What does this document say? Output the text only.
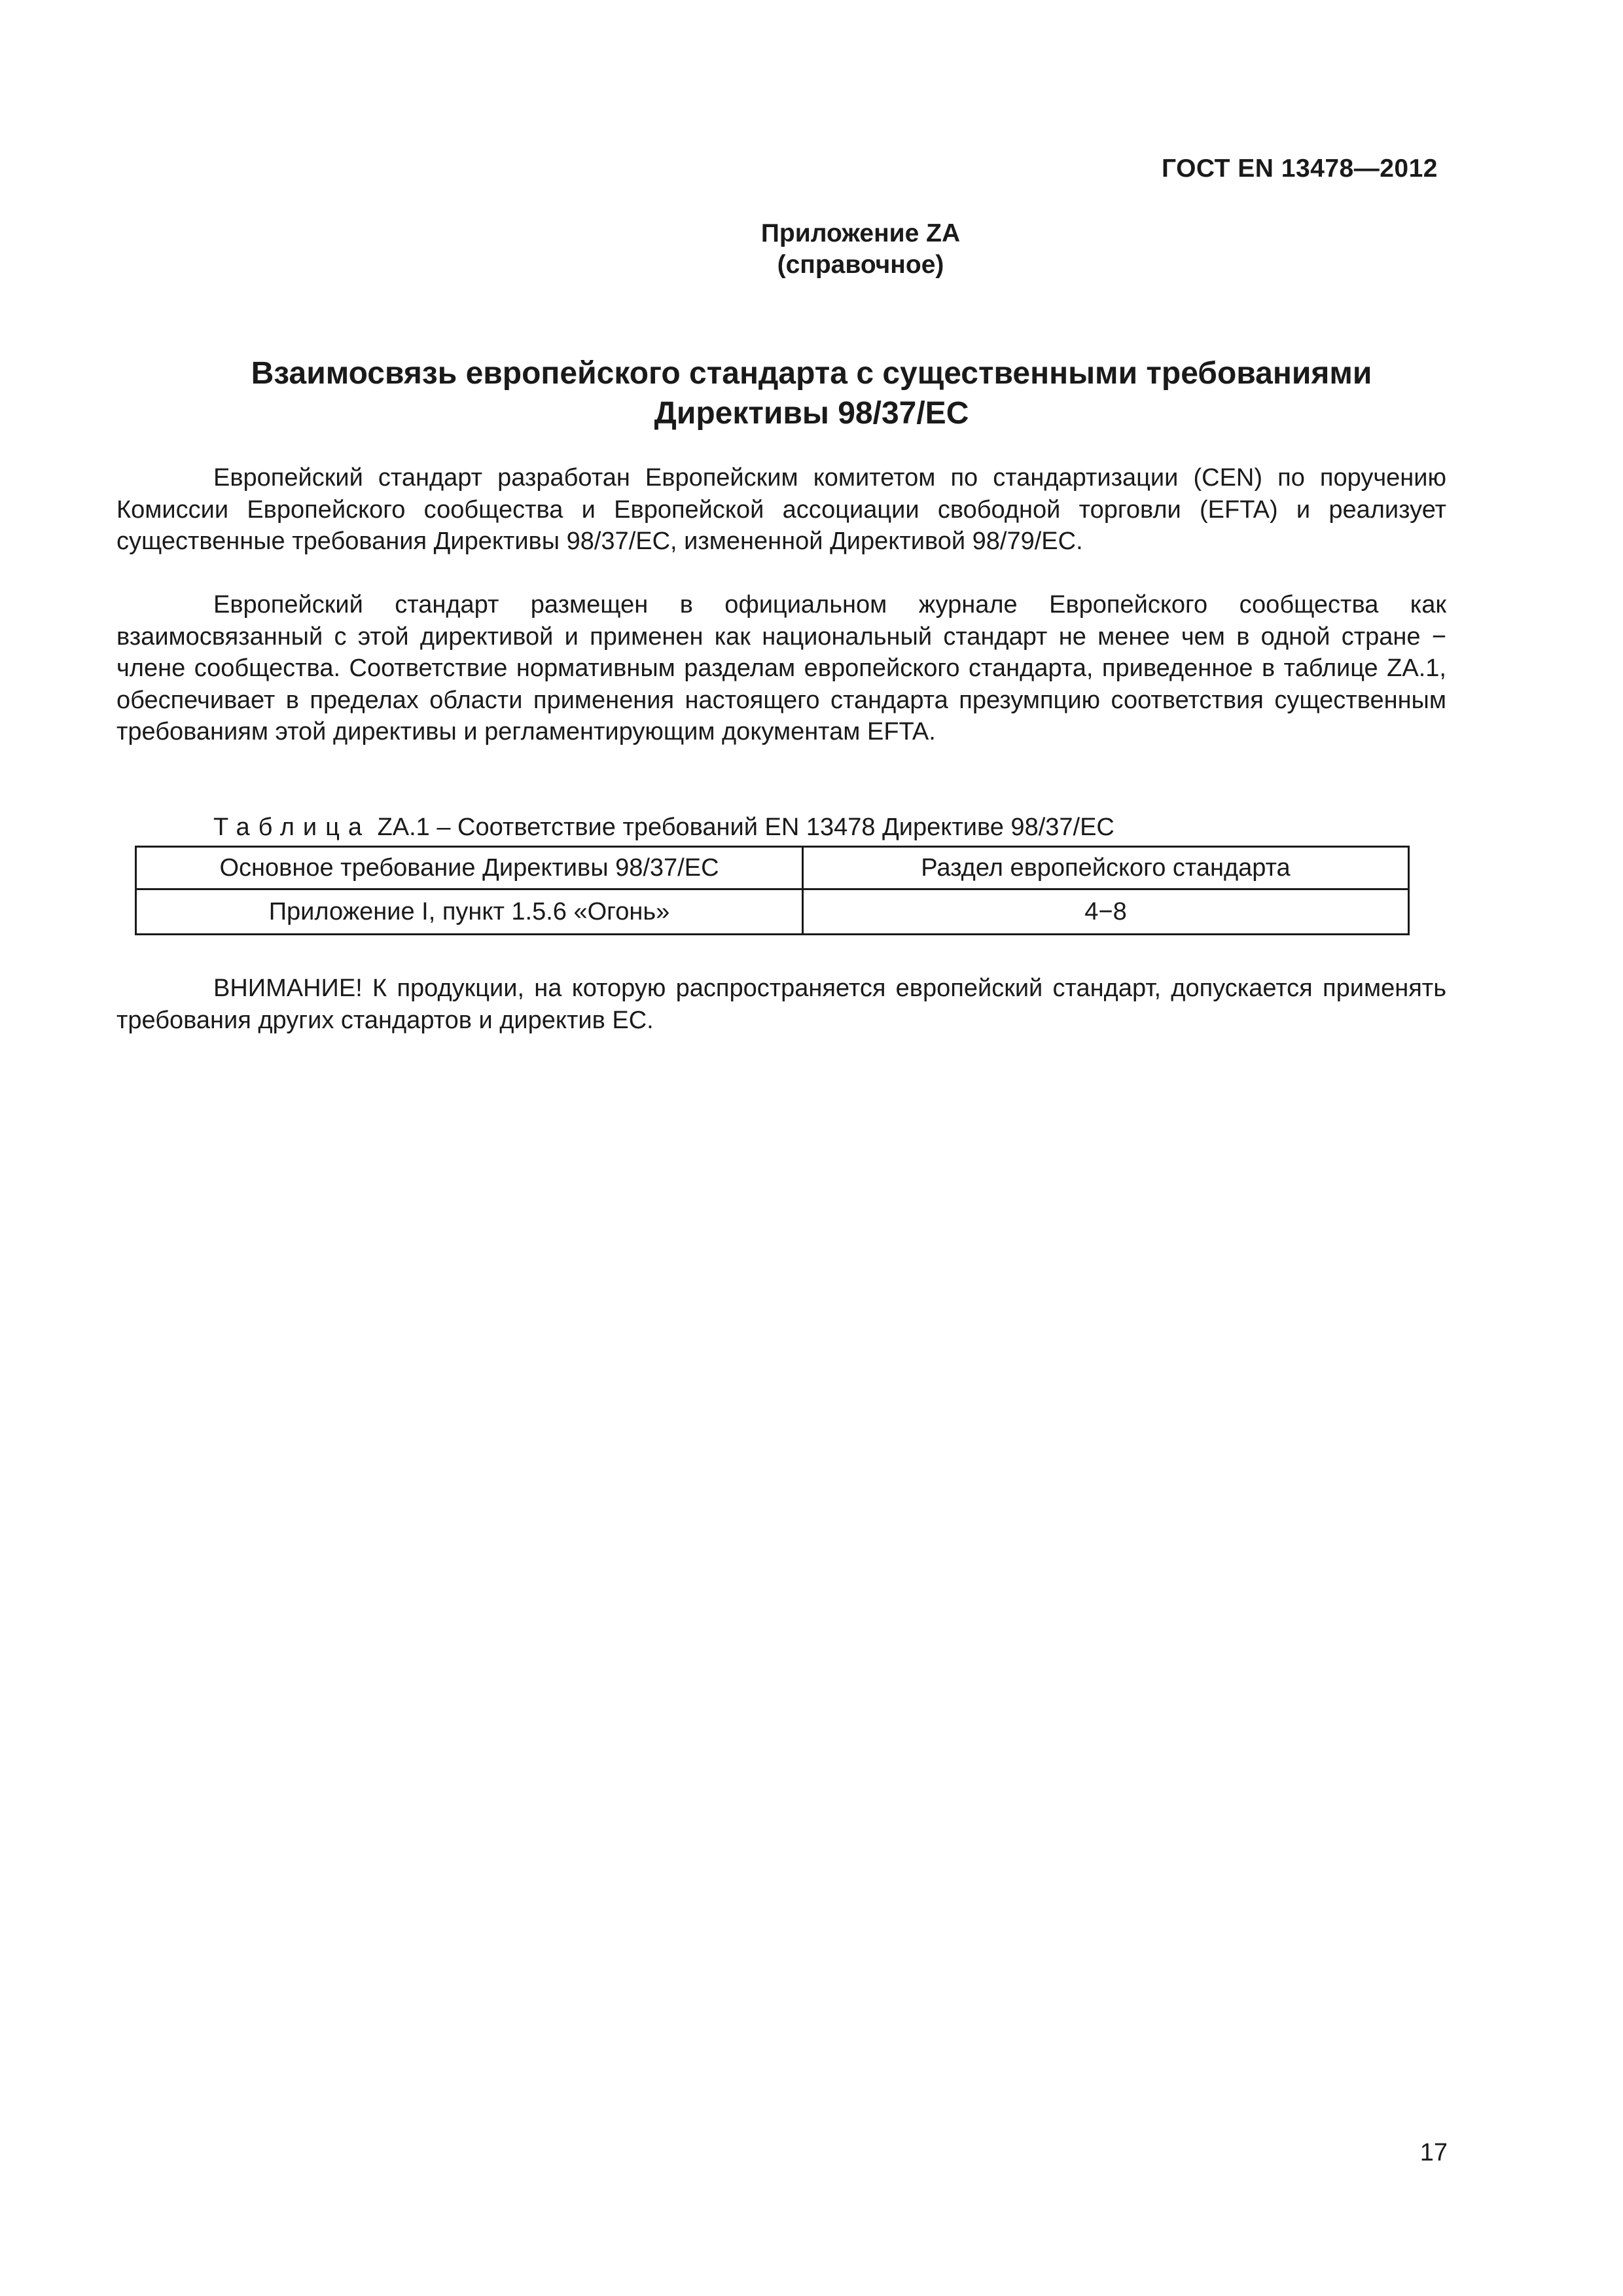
ГОСТ EN 13478—2012
Приложение ZA
(справочное)
Взаимосвязь европейского стандарта с существенными требованиями
Директивы 98/37/ЕС

Европейский стандарт разработан Европейским комитетом по стандартизации (CEN) по поручению Комиссии Европейского сообщества и Европейской ассоциации свободной торговли (EFTA) и реализует существенные требования Директивы 98/37/ЕС, измененной Директивой 98/79/ЕС.

Европейский стандарт размещен в официальном журнале Европейского сообщества как взаимосвязанный с этой директивой и применен как национальный стандарт не менее чем в одной стране − члене сообщества. Соответствие нормативным разделам европейского стандарта, приведенное в таблице ZA.1, обеспечивает в пределах области применения настоящего стандарта презумпцию соответствия существенным требованиям этой директивы и регламентирующим документам EFTA.

Таблица ZA.1 – Соответствие требований EN 13478 Директиве 98/37/ЕС
Основное требование Директивы 98/37/ЕС	Раздел европейского стандарта
Приложение I, пункт 1.5.6 «Огонь»	4−8

ВНИМАНИЕ! К продукции, на которую распространяется европейский стандарт, допускается применять требования других стандартов и директив ЕС.

17
